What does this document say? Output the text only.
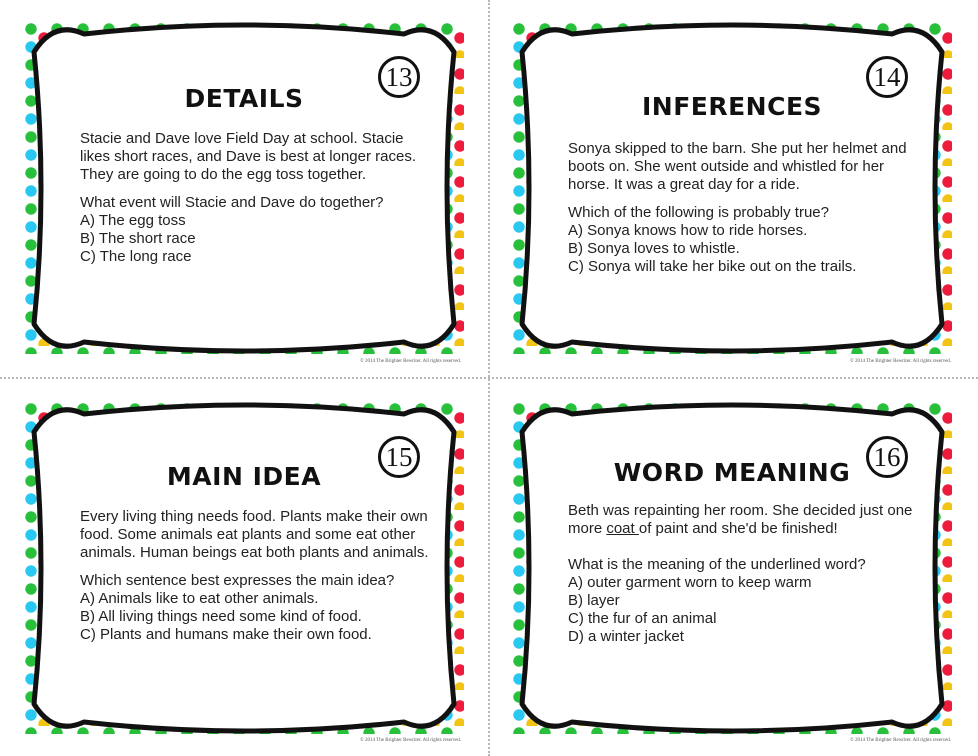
13
DETAILS

Stacie and Dave love Field Day at school. Stacie likes short races, and Dave is best at longer races. They are going to do the egg toss together.

What event will Stacie and Dave do together?

A) The egg toss

B) The short race

C) The long race

14
INFERENCES

Sonya skipped to the barn. She put her helmet and boots on. She went outside and whistled for her horse. It was a great day for a ride.

Which of the following is probably true?

A) Sonya knows how to ride horses.

B) Sonya loves to whistle.

C) Sonya will take her bike out on the trails.

15
MAIN IDEA

Every living thing needs food. Plants make their own food. Some animals eat plants and some eat other animals. Human beings eat both plants and animals.

Which sentence best expresses the main idea?

A) Animals like to eat other animals.

B) All living things need some kind of food.

C) Plants and humans make their own food.

16
WORD MEANING

Beth was repainting her room. She decided just one more coat of paint and she'd be finished!

What is the meaning of the underlined word?

A) outer garment worn to keep warm

B) layer

C) the fur of an animal

D) a winter jacket

© 2014 The Brighter Rewriter. All rights reserved.	© 2014 The Brighter Rewriter. All rights reserved.
© 2014 The Brighter Rewriter. All rights reserved.	© 2014 The Brighter Rewriter. All rights reserved.
